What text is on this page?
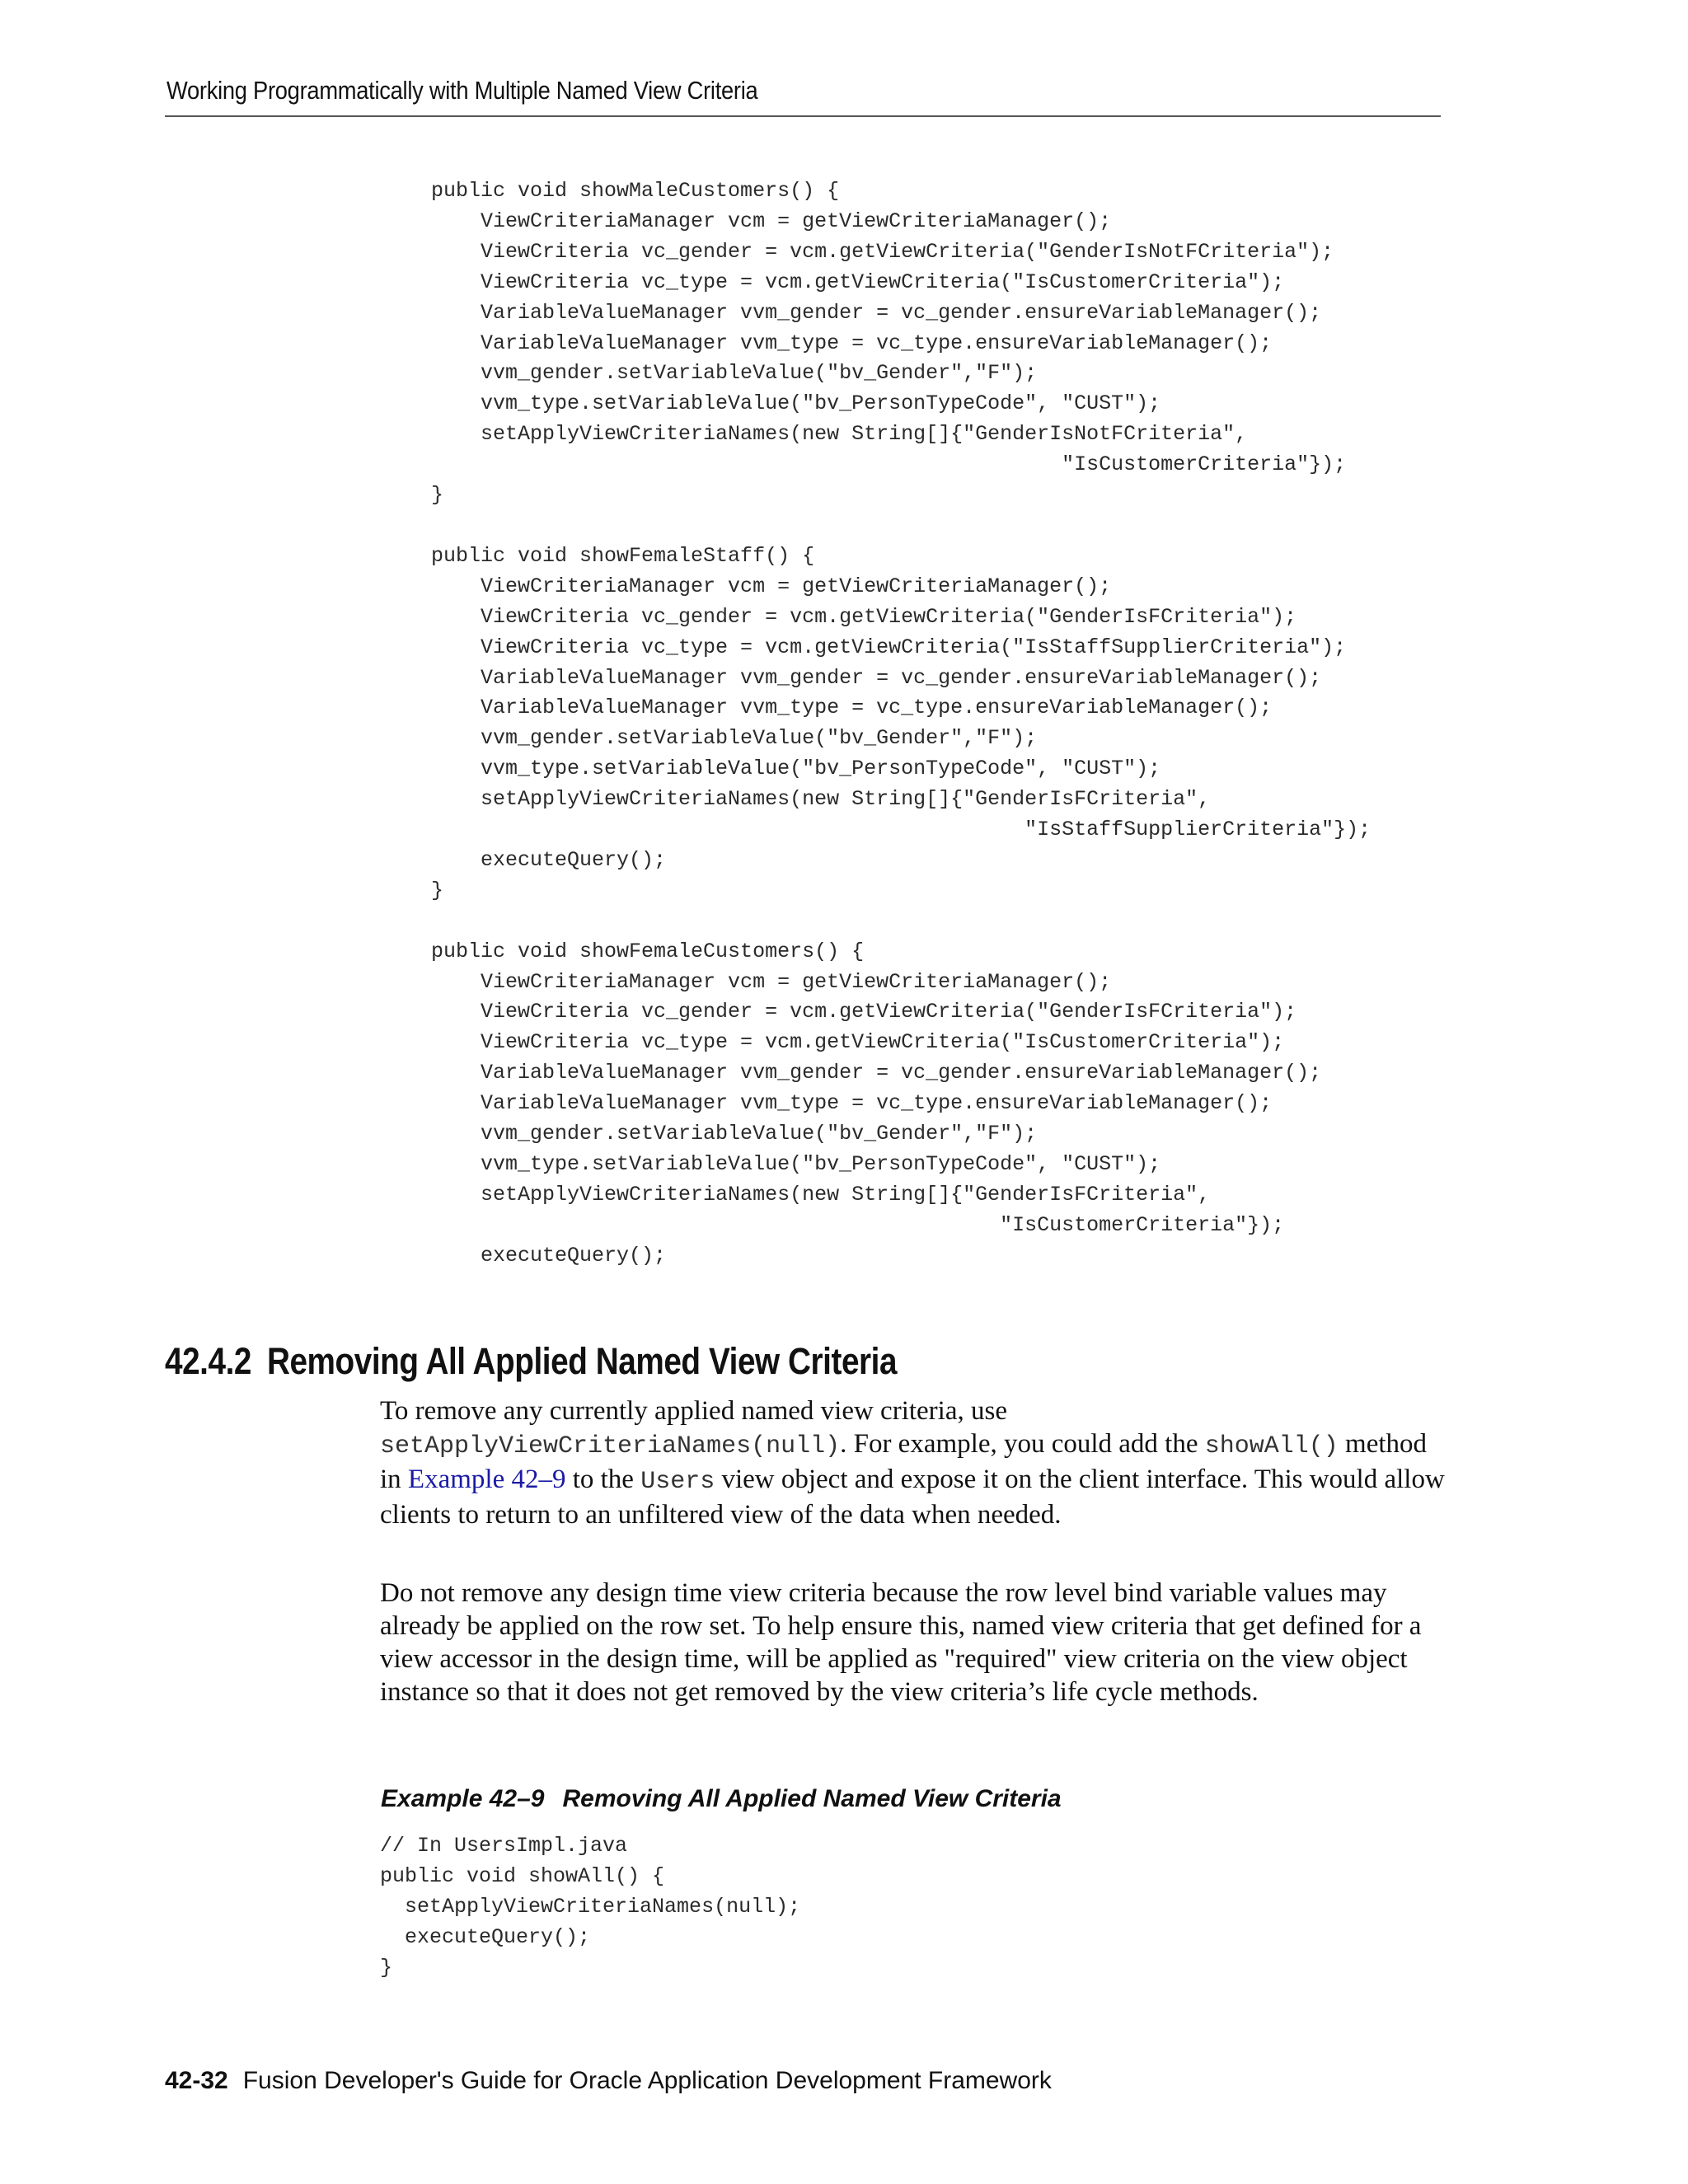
Working Programmatically with Multiple Named View Criteria
public void showMaleCustomers() {
ViewCriteriaManager vcm = getViewCriteriaManager();
ViewCriteria vc_gender = vcm.getViewCriteria("GenderIsNotFCriteria");
ViewCriteria vc_type = vcm.getViewCriteria("IsCustomerCriteria");
VariableValueManager vvm_gender = vc_gender.ensureVariableManager();
VariableValueManager vvm_type = vc_type.ensureVariableManager();
vvm_gender.setVariableValue("bv_Gender","F");
vvm_type.setVariableValue("bv_PersonTypeCode", "CUST");
setApplyViewCriteriaNames(new String[]{"GenderIsNotFCriteria",
"IsCustomerCriteria"});
}

public void showFemaleStaff() {
ViewCriteriaManager vcm = getViewCriteriaManager();
ViewCriteria vc_gender = vcm.getViewCriteria("GenderIsFCriteria");
ViewCriteria vc_type = vcm.getViewCriteria("IsStaffSupplierCriteria");
VariableValueManager vvm_gender = vc_gender.ensureVariableManager();
VariableValueManager vvm_type = vc_type.ensureVariableManager();
vvm_gender.setVariableValue("bv_Gender","F");
vvm_type.setVariableValue("bv_PersonTypeCode", "CUST");
setApplyViewCriteriaNames(new String[]{"GenderIsFCriteria",
"IsStaffSupplierCriteria"});
executeQuery();
}

public void showFemaleCustomers() {
ViewCriteriaManager vcm = getViewCriteriaManager();
ViewCriteria vc_gender = vcm.getViewCriteria("GenderIsFCriteria");
ViewCriteria vc_type = vcm.getViewCriteria("IsCustomerCriteria");
VariableValueManager vvm_gender = vc_gender.ensureVariableManager();
VariableValueManager vvm_type = vc_type.ensureVariableManager();
vvm_gender.setVariableValue("bv_Gender","F");
vvm_type.setVariableValue("bv_PersonTypeCode", "CUST");
setApplyViewCriteriaNames(new String[]{"GenderIsFCriteria",
"IsCustomerCriteria"});
executeQuery();
42.4.2 Removing All Applied Named View Criteria

To remove any currently applied named view criteria, use setApplyViewCriteriaNames(null). For example, you could add the showAll() method in Example 42–9 to the Users view object and expose it on the client interface. This would allow clients to return to an unfiltered view of the data when needed.

Do not remove any design time view criteria because the row level bind variable values may already be applied on the row set. To help ensure this, named view criteria that get defined for a view accessor in the design time, will be applied as "required" view criteria on the view object instance so that it does not get removed by the view criteria’s life cycle methods.

Example 42–9 Removing All Applied Named View Criteria
// In UsersImpl.java
public void showAll() {
setApplyViewCriteriaNames(null);
executeQuery();
}
42-32 Fusion Developer's Guide for Oracle Application Development Framework
